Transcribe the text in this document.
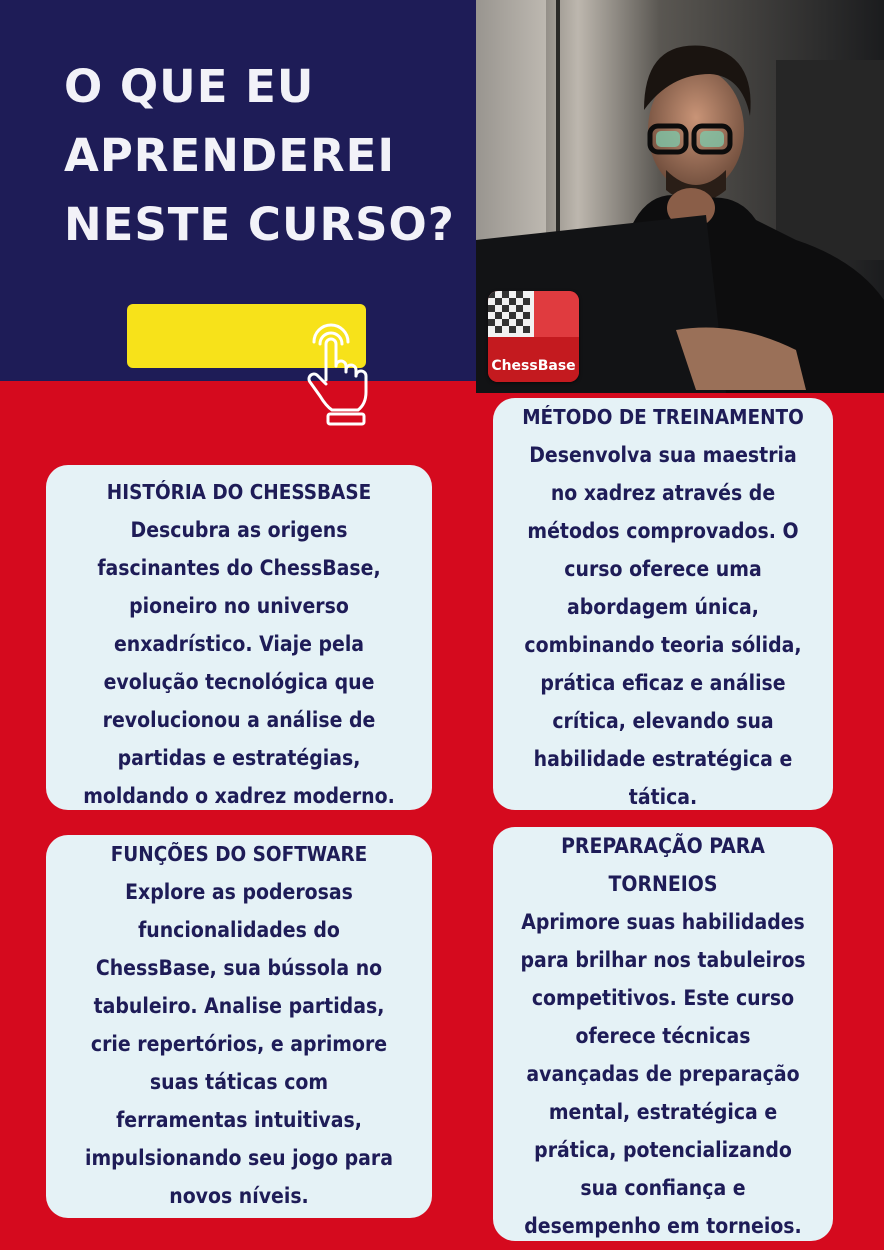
O QUE EU
APRENDEREI
NESTE CURSO?
ChessBase

HISTÓRIA DO CHESSBASE

Descubra as origens

fascinantes do ChessBase,

pioneiro no universo

enxadrístico. Viaje pela

evolução tecnológica que

revolucionou a análise de

partidas e estratégias,

moldando o xadrez moderno.

MÉTODO DE TREINAMENTO

Desenvolva sua maestria

no xadrez através de

métodos comprovados. O

curso oferece uma

abordagem única,

combinando teoria sólida,

prática eficaz e análise

crítica, elevando sua

habilidade estratégica e

tática.

FUNÇÕES DO SOFTWARE

Explore as poderosas

funcionalidades do

ChessBase, sua bússola no

tabuleiro. Analise partidas,

crie repertórios, e aprimore

suas táticas com

ferramentas intuitivas,

impulsionando seu jogo para

novos níveis.

PREPARAÇÃO PARA

TORNEIOS

Aprimore suas habilidades

para brilhar nos tabuleiros

competitivos. Este curso

oferece técnicas

avançadas de preparação

mental, estratégica e

prática, potencializando

sua confiança e

desempenho em torneios.
